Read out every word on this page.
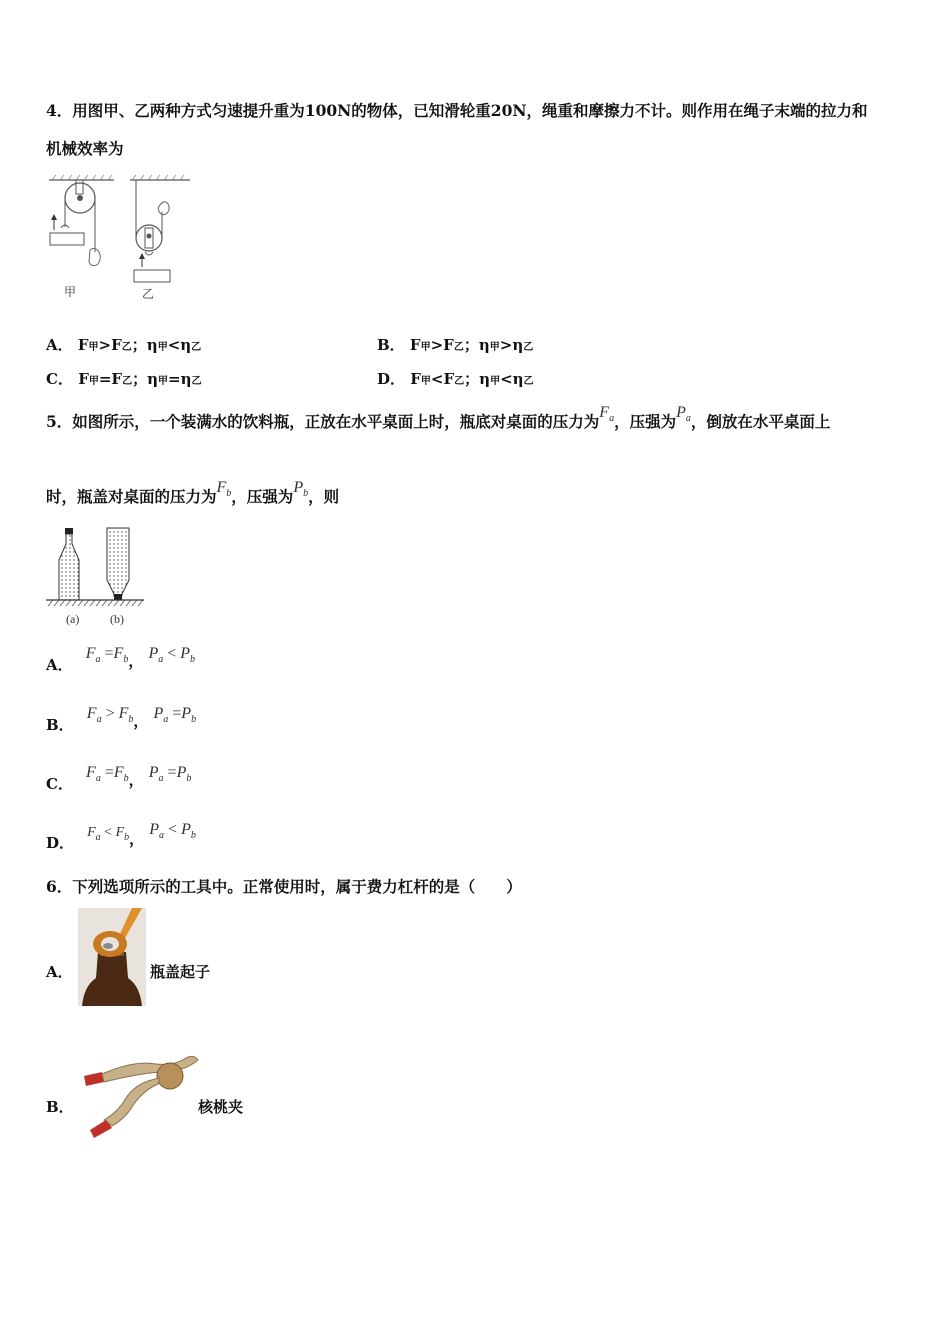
4．用图甲、乙两种方式匀速提升重为100N的物体，已知滑轮重20N，绳重和摩擦力不计。则作用在绳子末端的拉力和
机械效率为
甲	乙
A． F甲>F乙；η甲<η乙	B． F甲>F乙；η甲>η乙
C． F甲=F乙；η甲=η乙	D． F甲<F乙；η甲<η乙
5．如图所示，一个装满水的饮料瓶，正放在水平桌面上时，瓶底对桌面的压力为$F_a$，压强为$P_a$，倒放在水平桌面上
时，瓶盖对桌面的压力为$F_b$，压强为$P_b$，则
(a)	(b)
A． $F_a =F_b$， $P_a < P_b$
B． $F_a > F_b$， $P_a =P_b$
C． $F_a =F_b$， $P_a =P_b$
D． $F_a < F_b$， $P_a < P_b$
6．下列选项所示的工具中。正常使用时，属于费力杠杆的是（　　）
A．	瓶盖起子
B．	核桃夹
